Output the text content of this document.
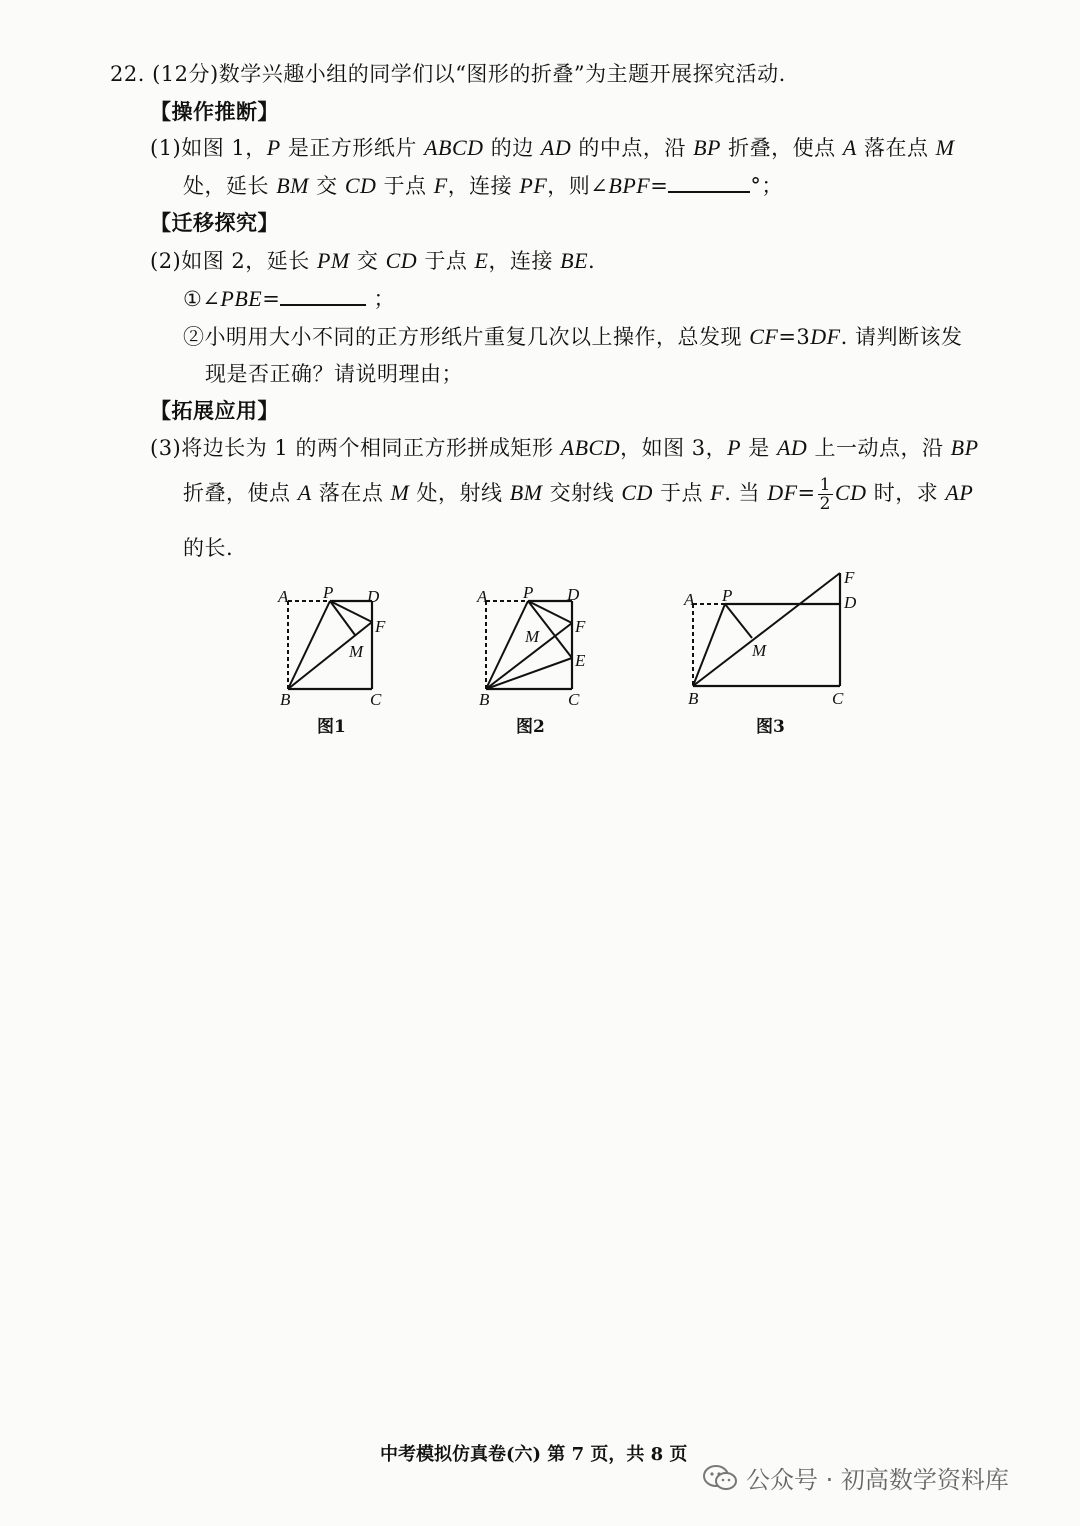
22. (12分)数学兴趣小组的同学们以“图形的折叠”为主题开展探究活动.
【操作推断】
(1)如图 1，P 是正方形纸片 ABCD 的边 AD 的中点，沿 BP 折叠，使点 A 落在点 M
处，延长 BM 交 CD 于点 F，连接 PF，则∠BPF=	°；
【迁移探究】
(2)如图 2，延长 PM 交 CD 于点 E，连接 BE.
①∠PBE=	；
②小明用大小不同的正方形纸片重复几次以上操作，总发现 CF=3DF. 请判断该发
现是否正确？请说明理由；
【拓展应用】
(3)将边长为 1 的两个相同正方形拼成矩形 ABCD，如图 3，P 是 AD 上一动点，沿 BP
折叠，使点 A 落在点 M 处，射线 BM 交射线 CD 于点 F. 当 $DF= \frac{1}{2}$ CD 时，求 AP
的长.
A P D
F
M
B	C
图1
A P D
F
M
E
B	C
图2
A P
F
D
M
B	C
图3
中考模拟仿真卷(六) 第 7 页，共 8 页
公众号 · 初高数学资料库
